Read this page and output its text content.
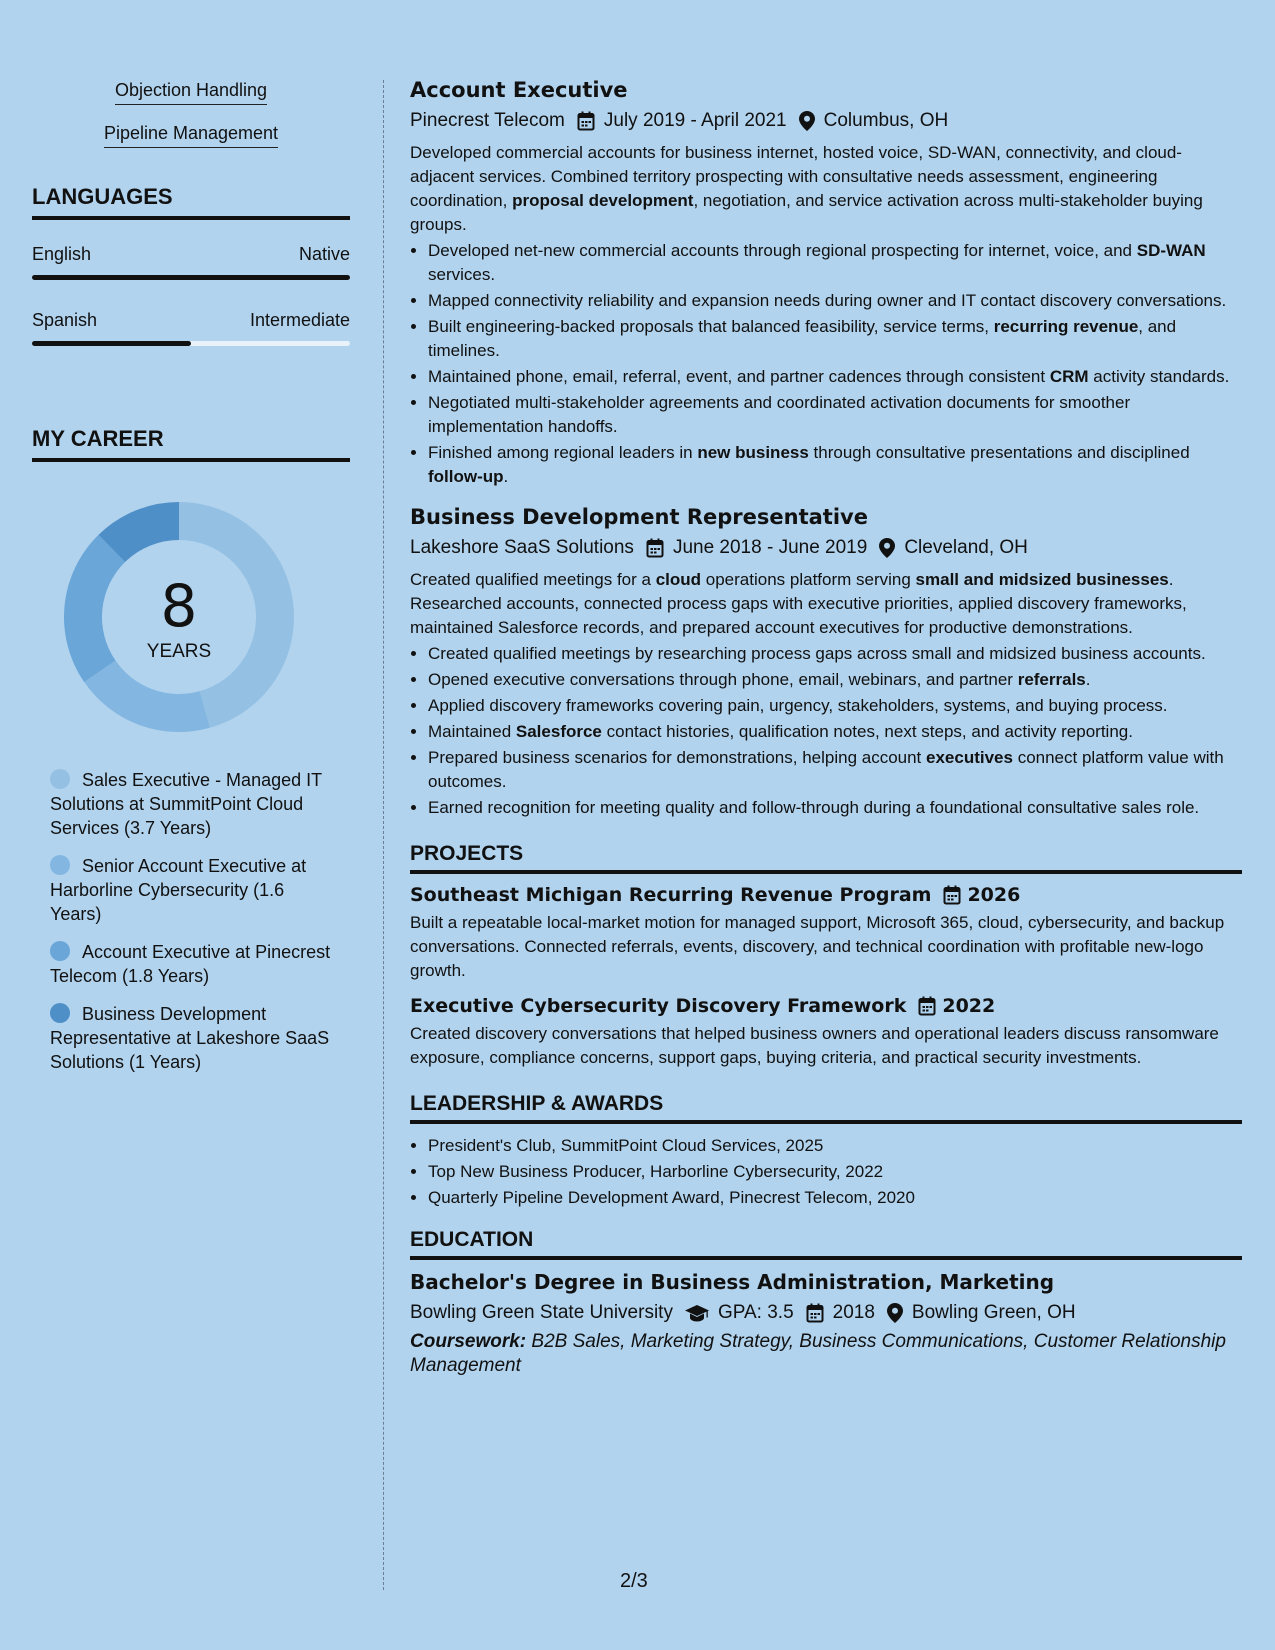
Objection Handling
Pipeline Management
LANGUAGES
English	Native
Spanish	Intermediate
MY CAREER
8
YEARS
Sales Executive - Managed IT Solutions at SummitPoint Cloud Services (3.7 Years)
Senior Account Executive at Harborline Cybersecurity (1.6 Years)
Account Executive at Pinecrest Telecom (1.8 Years)
Business Development Representative at Lakeshore SaaS Solutions (1 Years)
Account Executive
Pinecrest Telecom July 2019 - April 2021 Columbus, OH

Developed commercial accounts for business internet, hosted voice, SD-WAN, connectivity, and cloud-adjacent services. Combined territory prospecting with consultative needs assessment, engineering coordination, proposal development, negotiation, and service activation across multi-stakeholder buying groups.

• Developed net-new commercial accounts through regional prospecting for internet, voice, and SD-WAN services.
• Mapped connectivity reliability and expansion needs during owner and IT contact discovery conversations.
• Built engineering-backed proposals that balanced feasibility, service terms, recurring revenue, and timelines.
• Maintained phone, email, referral, event, and partner cadences through consistent CRM activity standards.
• Negotiated multi-stakeholder agreements and coordinated activation documents for smoother implementation handoffs.
• Finished among regional leaders in new business through consultative presentations and disciplined follow-up.
Business Development Representative
Lakeshore SaaS Solutions June 2018 - June 2019 Cleveland, OH

Created qualified meetings for a cloud operations platform serving small and midsized businesses. Researched accounts, connected process gaps with executive priorities, applied discovery frameworks, maintained Salesforce records, and prepared account executives for productive demonstrations.

• Created qualified meetings by researching process gaps across small and midsized business accounts.
• Opened executive conversations through phone, email, webinars, and partner referrals.
• Applied discovery frameworks covering pain, urgency, stakeholders, systems, and buying process.
• Maintained Salesforce contact histories, qualification notes, next steps, and activity reporting.
• Prepared business scenarios for demonstrations, helping account executives connect platform value with outcomes.
• Earned recognition for meeting quality and follow-through during a foundational consultative sales role.
PROJECTS
Southeast Michigan Recurring Revenue Program 2026

Built a repeatable local-market motion for managed support, Microsoft 365, cloud, cybersecurity, and backup conversations. Connected referrals, events, discovery, and technical coordination with profitable new-logo growth.

Executive Cybersecurity Discovery Framework 2022

Created discovery conversations that helped business owners and operational leaders discuss ransomware exposure, compliance concerns, support gaps, buying criteria, and practical security investments.

LEADERSHIP & AWARDS
• President's Club, SummitPoint Cloud Services, 2025
• Top New Business Producer, Harborline Cybersecurity, 2022
• Quarterly Pipeline Development Award, Pinecrest Telecom, 2020
EDUCATION
Bachelor's Degree in Business Administration, Marketing
Bowling Green State University GPA: 3.5 2018 Bowling Green, OH
Coursework: B2B Sales, Marketing Strategy, Business Communications, Customer Relationship Management
2/3
